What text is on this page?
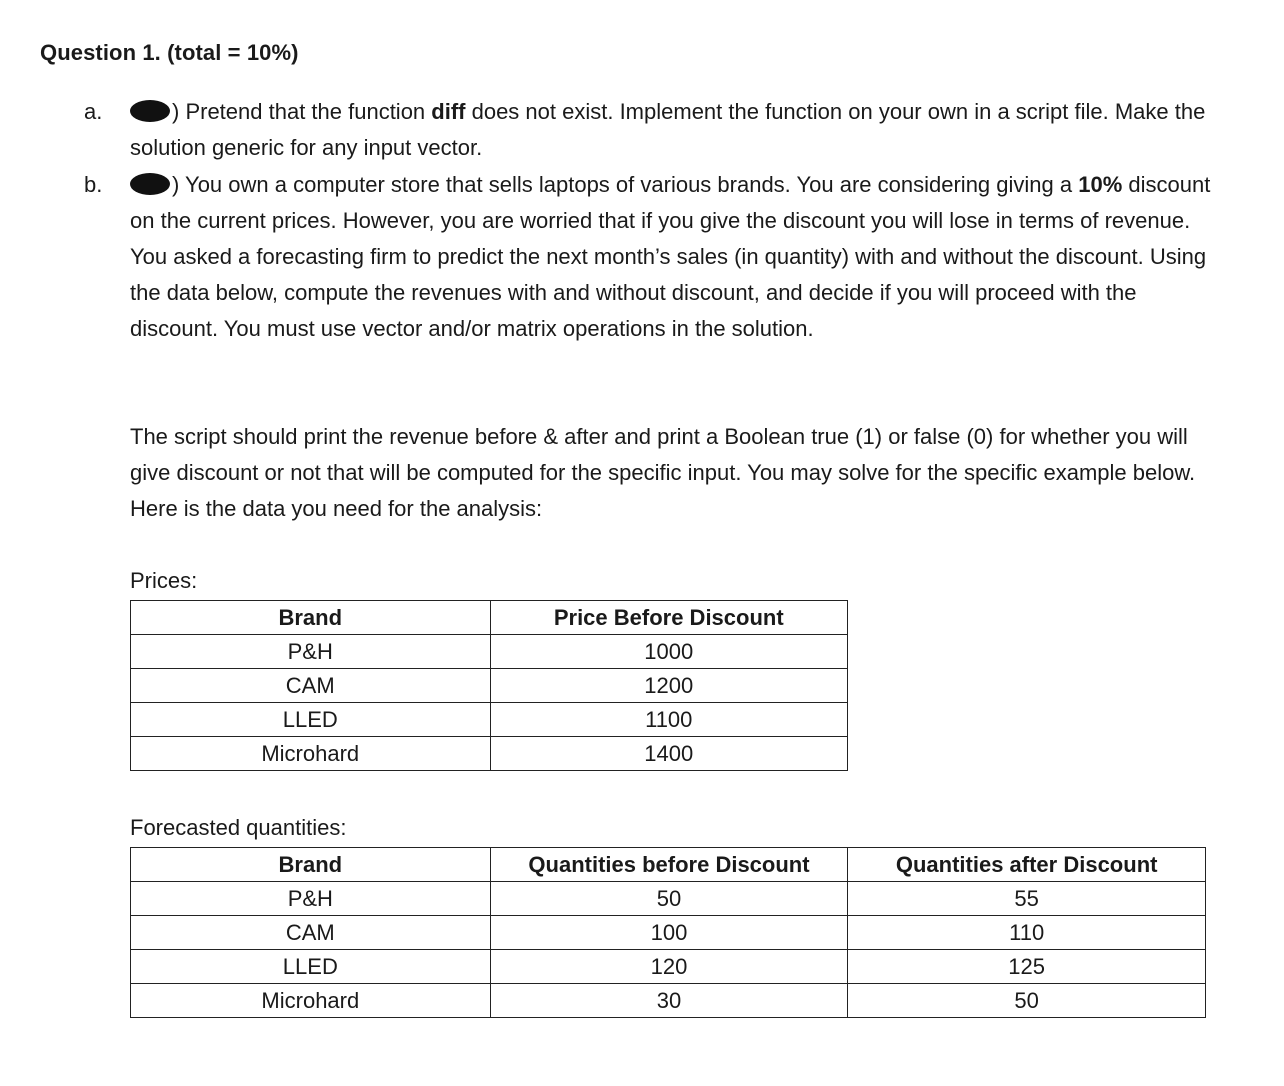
Question 1. (total = 10%)
a.	) Pretend that the function diff does not exist. Implement the function on your own in a script file. Make the solution generic for any input vector.
b.	) You own a computer store that sells laptops of various brands. You are considering giving a 10% discount on the current prices. However, you are worried that if you give the discount you will lose in terms of revenue. You asked a forecasting firm to predict the next month’s sales (in quantity) with and without the discount. Using the data below, compute the revenues with and without discount, and decide if you will proceed with the discount. You must use vector and/or matrix operations in the solution.
The script should print the revenue before & after and print a Boolean true (1) or false (0) for whether you will give discount or not that will be computed for the specific input. You may solve for the specific example below. Here is the data you need for the analysis:
Prices:
Brand	Price Before Discount
P&H	1000
CAM	1200
LLED	1100
Microhard	1400
Forecasted quantities:
Brand	Quantities before Discount	Quantities after Discount
P&H	50	55
CAM	100	110
LLED	120	125
Microhard	30	50
